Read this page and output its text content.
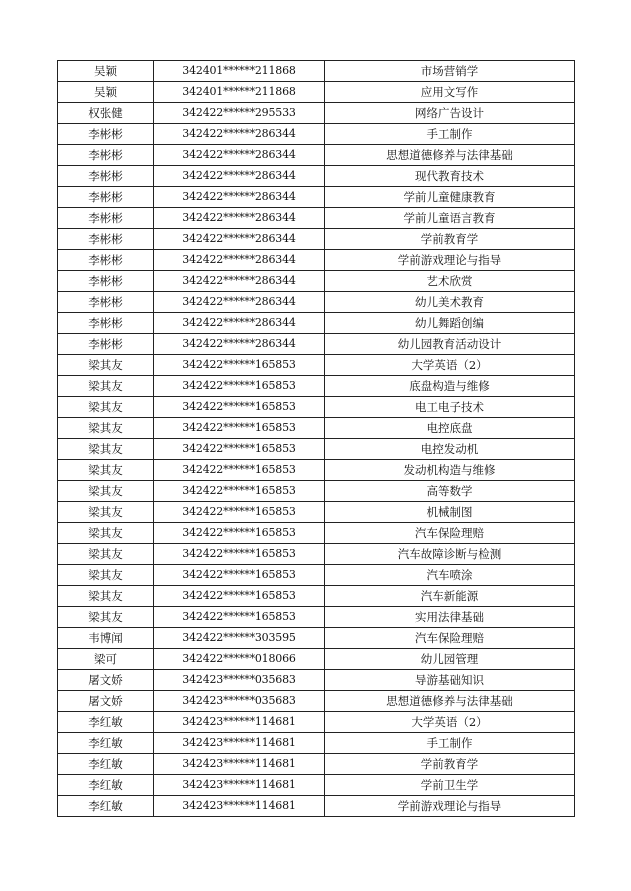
吴颖	342401******211868	市场营销学
吴颖	342401******211868	应用文写作
权张健	342422******295533	网络广告设计
李彬彬	342422******286344	手工制作
李彬彬	342422******286344	思想道德修养与法律基础
李彬彬	342422******286344	现代教育技术
李彬彬	342422******286344	学前儿童健康教育
李彬彬	342422******286344	学前儿童语言教育
李彬彬	342422******286344	学前教育学
李彬彬	342422******286344	学前游戏理论与指导
李彬彬	342422******286344	艺术欣赏
李彬彬	342422******286344	幼儿美术教育
李彬彬	342422******286344	幼儿舞蹈创编
李彬彬	342422******286344	幼儿园教育活动设计
梁其友	342422******165853	大学英语（2）
梁其友	342422******165853	底盘构造与维修
梁其友	342422******165853	电工电子技术
梁其友	342422******165853	电控底盘
梁其友	342422******165853	电控发动机
梁其友	342422******165853	发动机构造与维修
梁其友	342422******165853	高等数学
梁其友	342422******165853	机械制图
梁其友	342422******165853	汽车保险理赔
梁其友	342422******165853	汽车故障诊断与检测
梁其友	342422******165853	汽车喷涂
梁其友	342422******165853	汽车新能源
梁其友	342422******165853	实用法律基础
韦博闻	342422******303595	汽车保险理赔
梁可	342422******018066	幼儿园管理
屠文娇	342423******035683	导游基础知识
屠文娇	342423******035683	思想道德修养与法律基础
李红敏	342423******114681	大学英语（2）
李红敏	342423******114681	手工制作
李红敏	342423******114681	学前教育学
李红敏	342423******114681	学前卫生学
李红敏	342423******114681	学前游戏理论与指导
